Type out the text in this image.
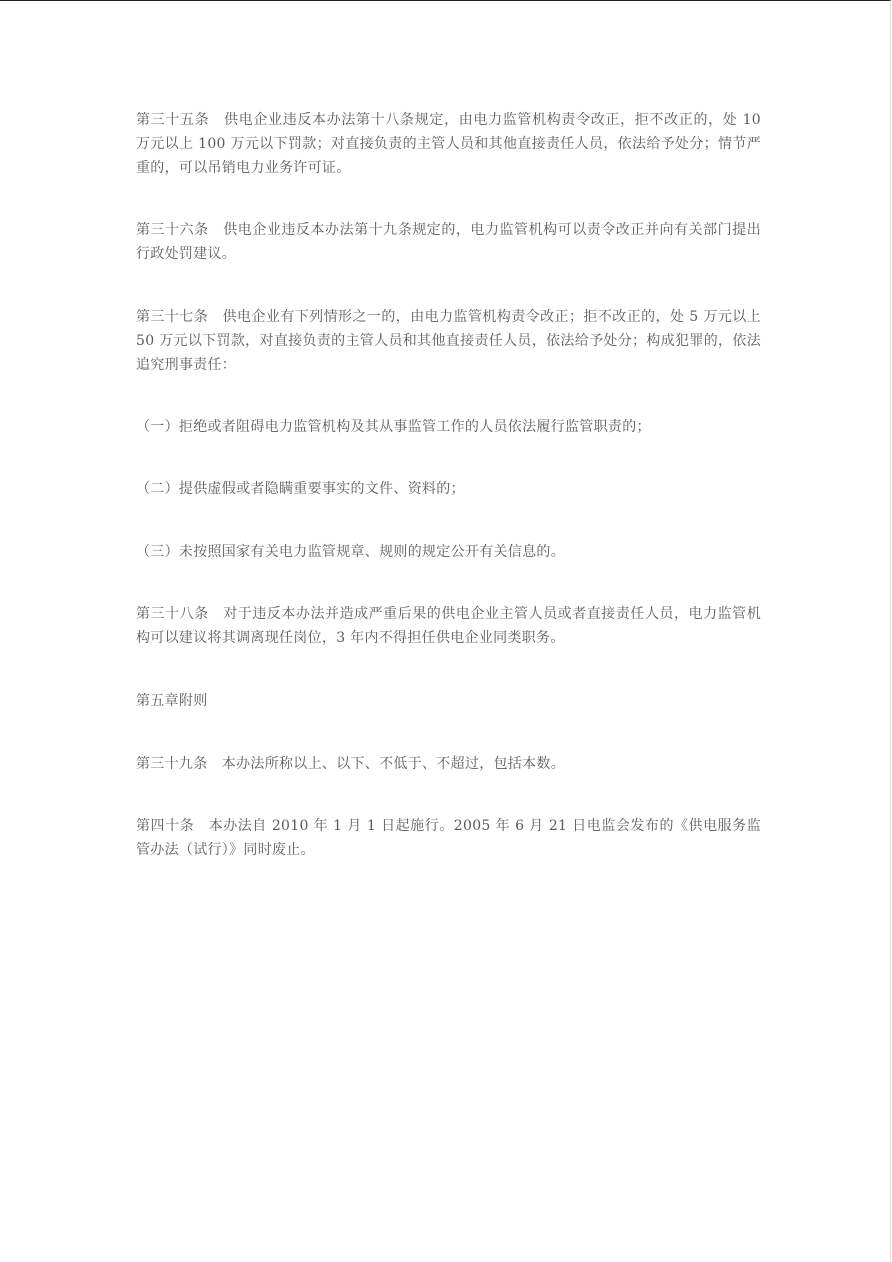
第三十五条　供电企业违反本办法第十八条规定，由电力监管机构责令改正，拒不改正的，处 10 万元以上 100 万元以下罚款；对直接负责的主管人员和其他直接责任人员，依法给予处分；情节严重的，可以吊销电力业务许可证。

第三十六条　供电企业违反本办法第十九条规定的，电力监管机构可以责令改正并向有关部门提出行政处罚建议。

第三十七条　供电企业有下列情形之一的，由电力监管机构责令改正；拒不改正的，处 5 万元以上 50 万元以下罚款，对直接负责的主管人员和其他直接责任人员，依法给予处分；构成犯罪的，依法追究刑事责任：

（一）拒绝或者阻碍电力监管机构及其从事监管工作的人员依法履行监管职责的；

（二）提供虚假或者隐瞒重要事实的文件、资料的；

（三）未按照国家有关电力监管规章、规则的规定公开有关信息的。

第三十八条　对于违反本办法并造成严重后果的供电企业主管人员或者直接责任人员，电力监管机构可以建议将其调离现任岗位，3 年内不得担任供电企业同类职务。

第五章附则

第三十九条　本办法所称以上、以下、不低于、不超过，包括本数。

第四十条　本办法自 2010 年 1 月 1 日起施行。2005 年 6 月 21 日电监会发布的《供电服务监管办法（试行）》同时废止。
